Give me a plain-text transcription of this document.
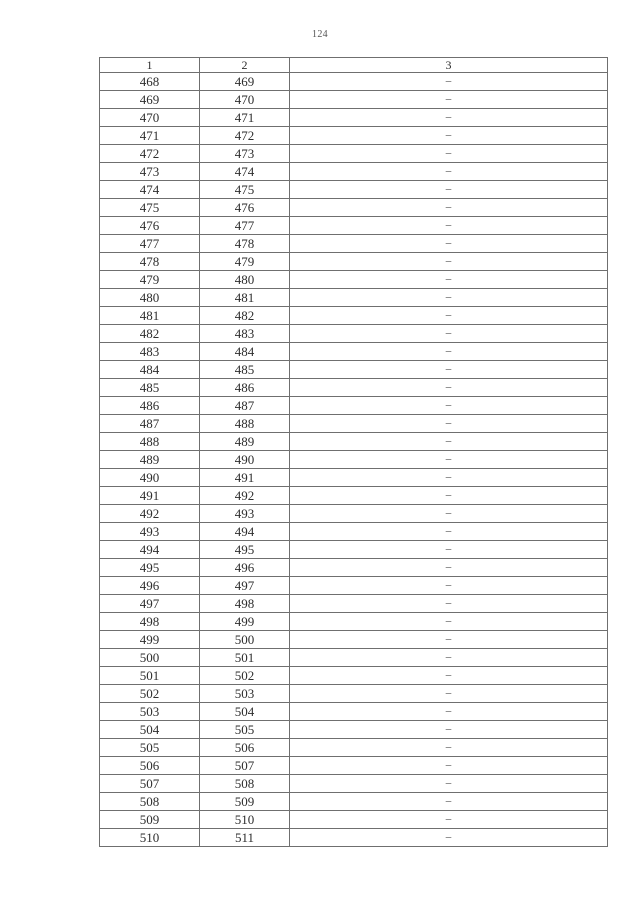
124
1	2	3
468	469	–
469	470	–
470	471	–
471	472	–
472	473	–
473	474	–
474	475	–
475	476	–
476	477	–
477	478	–
478	479	–
479	480	–
480	481	–
481	482	–
482	483	–
483	484	–
484	485	–
485	486	–
486	487	–
487	488	–
488	489	–
489	490	–
490	491	–
491	492	–
492	493	–
493	494	–
494	495	–
495	496	–
496	497	–
497	498	–
498	499	–
499	500	–
500	501	–
501	502	–
502	503	–
503	504	–
504	505	–
505	506	–
506	507	–
507	508	–
508	509	–
509	510	–
510	511	–
